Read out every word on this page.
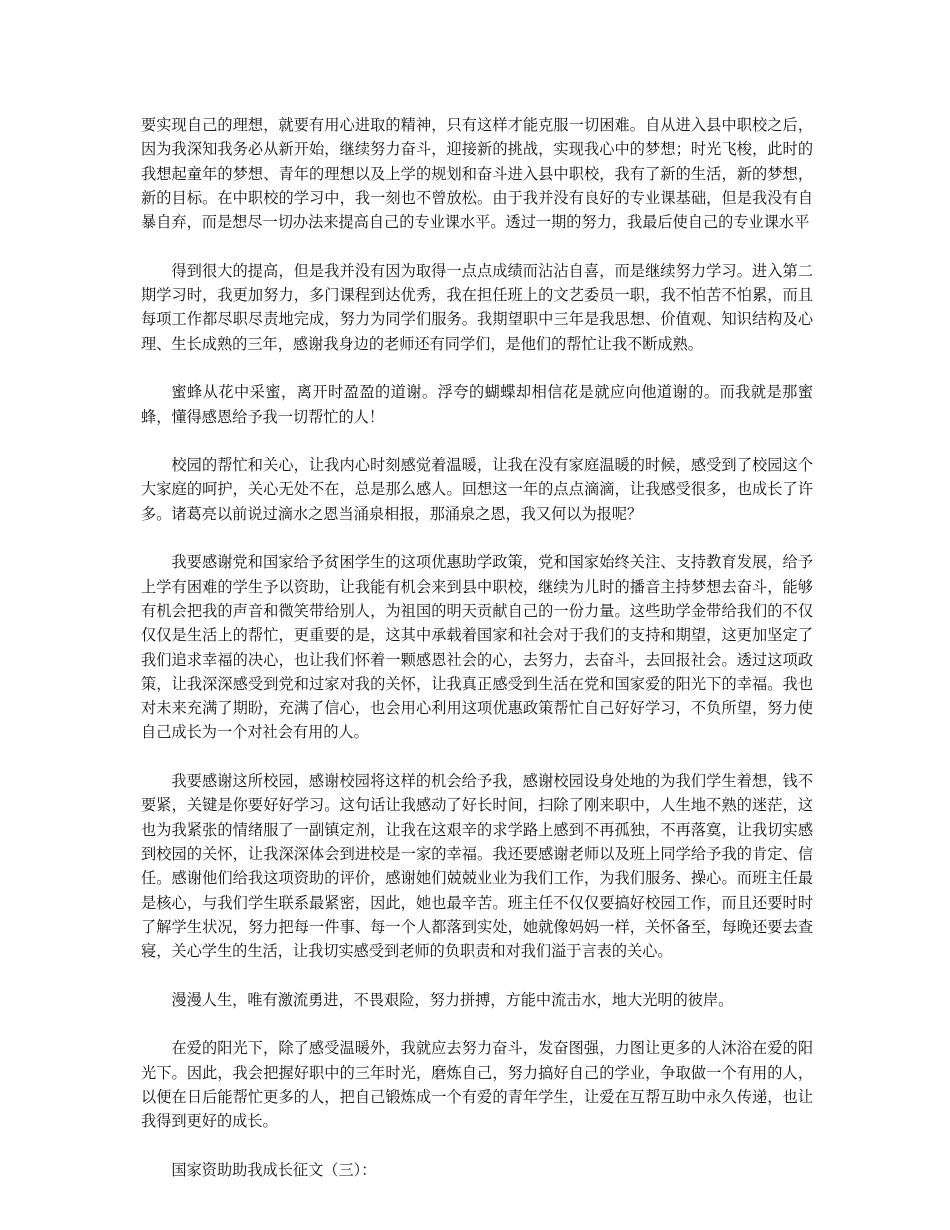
要实现自己的理想，就要有用心进取的精神，只有这样才能克服一切困难。自从进入县中职校之后，因为我深知我务必从新开始，继续努力奋斗，迎接新的挑战，实现我心中的梦想；时光飞梭，此时的我想起童年的梦想、青年的理想以及上学的规划和奋斗进入县中职校，我有了新的生活，新的梦想，新的目标。在中职校的学习中，我一刻也不曾放松。由于我并没有良好的专业课基础，但是我没有自暴自弃，而是想尽一切办法来提高自己的专业课水平。透过一期的努力，我最后使自己的专业课水平

得到很大的提高，但是我并没有因为取得一点点成绩而沾沾自喜，而是继续努力学习。进入第二期学习时，我更加努力，多门课程到达优秀，我在担任班上的文艺委员一职，我不怕苦不怕累，而且每项工作都尽职尽责地完成，努力为同学们服务。我期望职中三年是我思想、价值观、知识结构及心理、生长成熟的三年，感谢我身边的老师还有同学们，是他们的帮忙让我不断成熟。

蜜蜂从花中采蜜，离开时盈盈的道谢。浮夸的蝴蝶却相信花是就应向他道谢的。而我就是那蜜蜂，懂得感恩给予我一切帮忙的人！

校园的帮忙和关心，让我内心时刻感觉着温暖，让我在没有家庭温暖的时候，感受到了校园这个大家庭的呵护，关心无处不在，总是那么感人。回想这一年的点点滴滴，让我感受很多，也成长了许多。诸葛亮以前说过滴水之恩当涌泉相报，那涌泉之恩，我又何以为报呢？

我要感谢党和国家给予贫困学生的这项优惠助学政策，党和国家始终关注、支持教育发展，给予上学有困难的学生予以资助，让我能有机会来到县中职校，继续为儿时的播音主持梦想去奋斗，能够有机会把我的声音和微笑带给别人，为祖国的明天贡献自己的一份力量。这些助学金带给我们的不仅仅仅是生活上的帮忙，更重要的是，这其中承载着国家和社会对于我们的支持和期望，这更加坚定了我们追求幸福的决心，也让我们怀着一颗感恩社会的心，去努力，去奋斗，去回报社会。透过这项政策，让我深深感受到党和过家对我的关怀，让我真正感受到生活在党和国家爱的阳光下的幸福。我也对未来充满了期盼，充满了信心，也会用心利用这项优惠政策帮忙自己好好学习，不负所望，努力使自己成长为一个对社会有用的人。

我要感谢这所校园，感谢校园将这样的机会给予我，感谢校园设身处地的为我们学生着想，钱不要紧，关键是你要好好学习。这句话让我感动了好长时间，扫除了刚来职中，人生地不熟的迷茫，这也为我紧张的情绪服了一副镇定剂，让我在这艰辛的求学路上感到不再孤独，不再落寞，让我切实感到校园的关怀，让我深深体会到进校是一家的幸福。我还要感谢老师以及班上同学给予我的肯定、信任。感谢他们给我这项资助的评价，感谢她们兢兢业业为我们工作，为我们服务、操心。而班主任最是核心，与我们学生联系最紧密，因此，她也最辛苦。班主任不仅仅要搞好校园工作，而且还要时时了解学生状况，努力把每一件事、每一个人都落到实处，她就像妈妈一样，关怀备至，每晚还要去查寝，关心学生的生活，让我切实感受到老师的负职责和对我们溢于言表的关心。

漫漫人生，唯有激流勇进，不畏艰险，努力拼搏，方能中流击水，地大光明的彼岸。

在爱的阳光下，除了感受温暖外，我就应去努力奋斗，发奋图强，力图让更多的人沐浴在爱的阳光下。因此，我会把握好职中的三年时光，磨炼自己，努力搞好自己的学业，争取做一个有用的人，以便在日后能帮忙更多的人，把自己锻炼成一个有爱的青年学生，让爱在互帮互助中永久传递，也让我得到更好的成长。

国家资助助我成长征文（三）：
